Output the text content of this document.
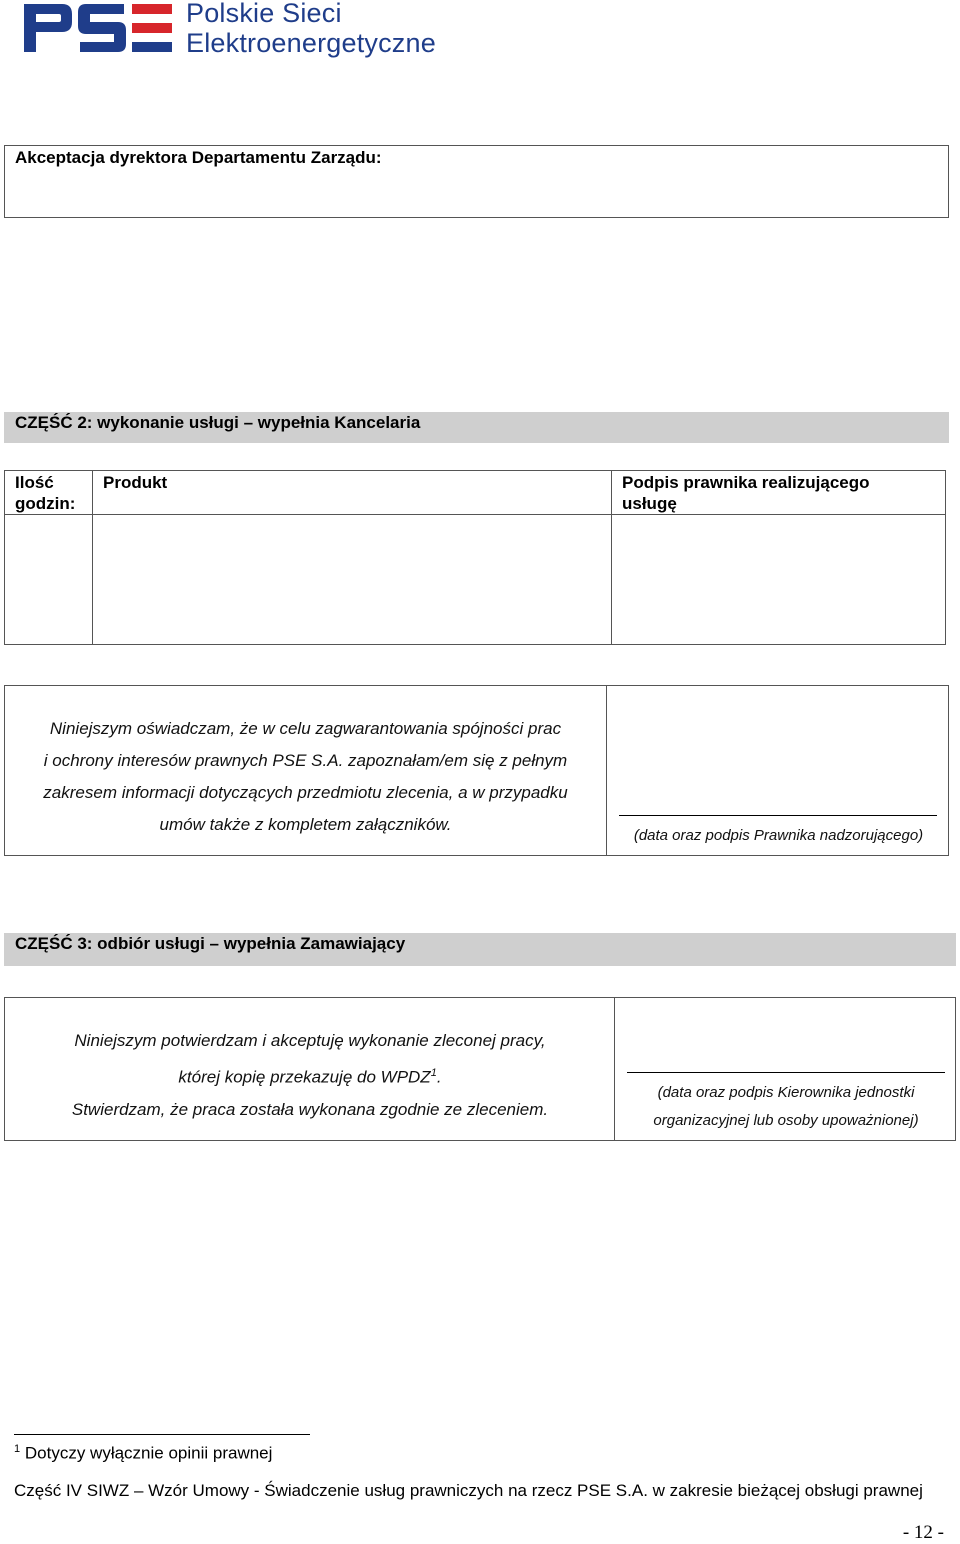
Polskie Sieci
Elektroenergetyczne
Akceptacja dyrektora Departamentu Zarządu:
CZĘŚĆ 2: wykonanie usługi – wypełnia Kancelaria
Ilość godzin:
Produkt	Podpis prawnika realizującego usługę
Niniejszym oświadczam, że w celu zagwarantowania spójności prac
i ochrony interesów prawnych PSE S.A. zapoznałam/em się z pełnym
zakresem informacji dotyczących przedmiotu zlecenia, a w przypadku
umów także z kompletem załączników.
(data oraz podpis Prawnika nadzorującego)
CZĘŚĆ 3: odbiór usługi – wypełnia Zamawiający
Niniejszym potwierdzam i akceptuję wykonanie zleconej pracy,
której kopię przekazuję do WPDZ$^1$.
Stwierdzam, że praca została wykonana zgodnie ze zleceniem.
(data oraz podpis Kierownika jednostki
organizacyjnej lub osoby upoważnionej)
$^1$ Dotyczy wyłącznie opinii prawnej
Część IV SIWZ – Wzór Umowy - Świadczenie usług prawniczych na rzecz PSE S.A. w zakresie bieżącej obsługi prawnej
- 12 -
